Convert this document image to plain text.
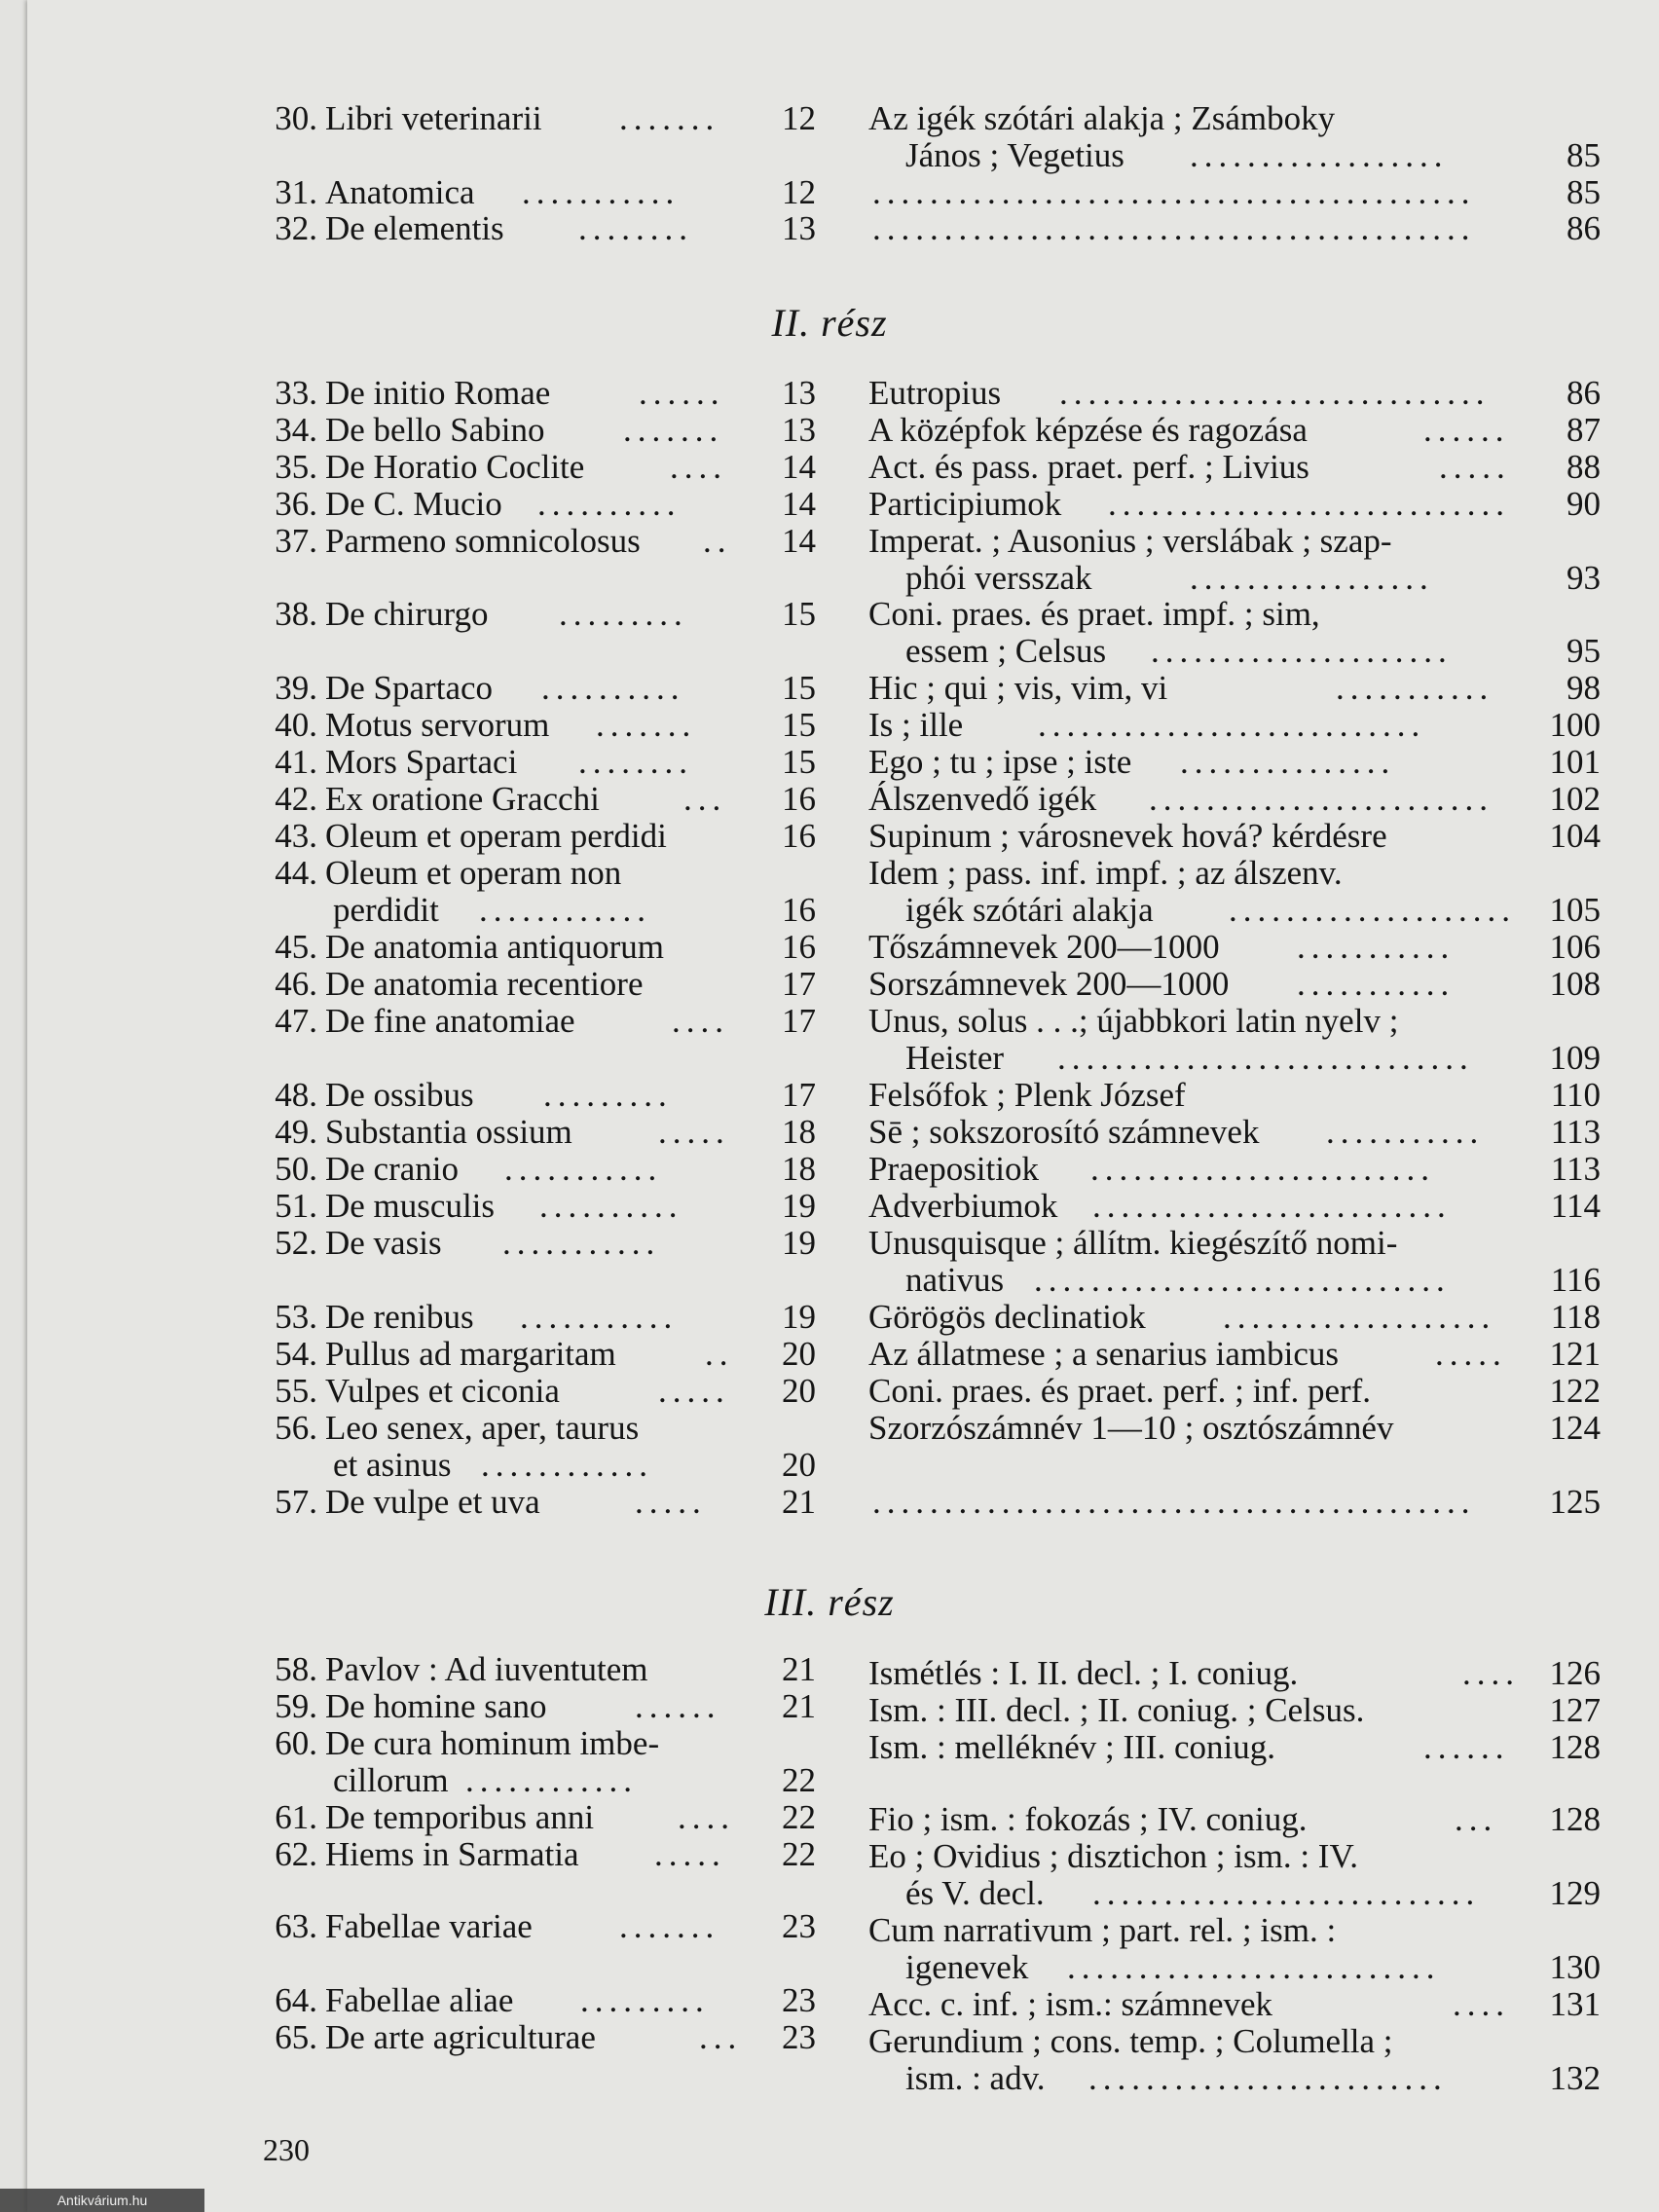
II. rész
III. rész
30. Libri veterinarii .......	12
31. Anatomica ...........	12
32. De elementis ........	13
33. De initio Romae	......	13
34. De bello Sabino .......	13
35. De Horatio Coclite	....	14
36. De C. Mucio ..........	14
37. Parmeno somnicolosus ..	14
38. De chirurgo .........	15
39. De Spartaco ..........	15
40. Motus servorum .......	15
41. Mors Spartaci ........	15
42. Ex oratione Gracchi ...	16
43. Oleum et operam perdidi	16
44. Oleum et operam non
perdidit ............	16
45. De anatomia antiquorum	16
46. De anatomia recentiore	17
47. De fine anatomiae	....	17
48. De ossibus .........	17
49. Substantia ossium	.....	18
50. De cranio ...........	18
51. De musculis ..........	19
52. De vasis ...........	19
53. De renibus ...........	19
54. Pullus ad margaritam	..	20
55. Vulpes et ciconia	.....	20
56. Leo senex, aper, taurus
et asinus ............	20
57. De vulpe et uva	.....	21
58. Pavlov : Ad iuventutem	21
59. De homine sano	......	21
60. De cura hominum imbe-
cillorum ............	22
61. De temporibus anni ....	22
62. Hiems in Sarmatia .....	22
63. Fabellae variae	.......	23
64. Fabellae aliae .........	23
65. De arte agriculturae	...	23
Az igék szótári alakja ; Zsámboky
János ; Vegetius ..................	85
..........................................	85
..........................................	86
Eutropius ..............................	86
A középfok képzése és ragozása	......	87
Act. és pass. praet. perf. ; Livius	.....	88
Participiumok ............................	90
Imperat. ; Ausonius ; verslábak ; szap-
phói versszak	.................	93
Coni. praes. és praet. impf. ; sim,
essem ; Celsus .....................	95
Hic ; qui ; vis, vim, vi	...........	98
Is ; ille ...........................	100
Ego ; tu ; ipse ; iste ...............	101
Álszenvedő igék ........................	102
Supinum ; városnevek hová? kérdésre	104
Idem ; pass. inf. impf. ; az álszenv.
igék szótári alakja .................... 105
Tőszámnevek 200—1000 ...........	106
Sorszámnevek 200—1000 ...........	108
Unus, solus . . .; újabbkori latin nyelv ;
Heister .............................	109
Felsőfok ; Plenk József	110
Sē ; sokszorosító számnevek ...........	113
Praepositiok ........................	113
Adverbiumok .........................	114
Unusquisque ; állítm. kiegészítő nomi-
nativus .............................	116
Görögös declinatiok ...................	118
Az állatmese ; a senarius iambicus	.....	121
Coni. praes. és praet. perf. ; inf. perf.	122
Szorzószámnév 1—10 ; osztószámnév	124
..........................................	125
Ismétlés : I. II. decl. ; I. coniug.	.... 126
Ism. : III. decl. ; II. coniug. ; Celsus.	127
Ism. : melléknév ; III. coniug.	......	128
Fio ; ism. : fokozás ; IV. coniug.	...	128
Eo ; Ovidius ; disztichon ; ism. : IV.
és V. decl. ...........................	129
Cum narrativum ; part. rel. ; ism. :
igenevek ..........................	130
Acc. c. inf. ; ism.: számnevek	....	131
Gerundium ; cons. temp. ; Columella ;
ism. : adv. .........................	132
230
Antikvárium.hu
